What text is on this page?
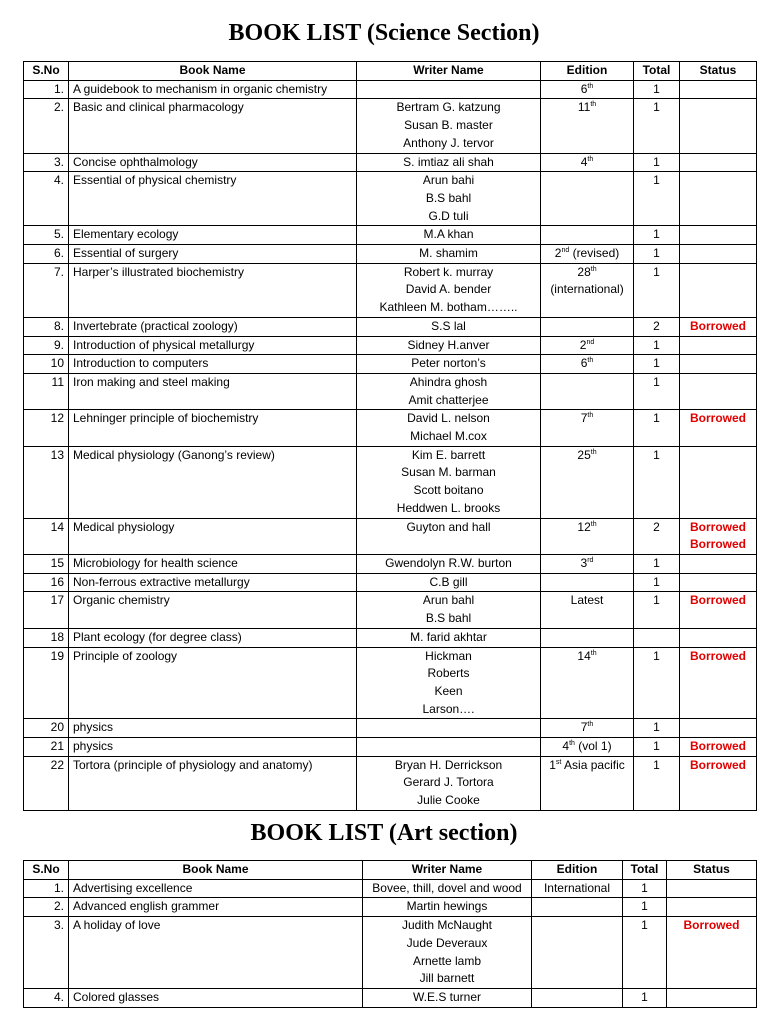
BOOK LIST (Science Section)
S.No	Book Name	Writer Name	Edition	Total	Status
1.	A guidebook to mechanism in organic chemistry		6th	1	

2.	Basic and clinical pharmacology	Bertram G. katzung
Susan B. master
Anthony J. tervor	11th	1	

3.	Concise ophthalmology	S. imtiaz ali shah	4th	1	

4.	Essential of physical chemistry	Arun bahi
B.S bahl
G.D tuli		1	

5.	Elementary ecology	M.A khan		1	

6.	Essential of surgery	M. shamim	2nd (revised)	1	

7.	Harper’s illustrated biochemistry	Robert k. murray
David A. bender
Kathleen M. botham……..	28th
(international)	1	

8.	Invertebrate (practical zoology)	S.S lal		2	Borrowed

9.	Introduction of physical metallurgy	Sidney H.anver	2nd	1	

10	Introduction to computers	Peter norton’s	6th	1	

11	Iron making and steel making	Ahindra ghosh
Amit chatterjee		1	

12	Lehninger principle of biochemistry	David L. nelson
Michael M.cox	7th	1	Borrowed

13	Medical physiology (Ganong’s review)	Kim E. barrett
Susan M. barman
Scott boitano
Heddwen L. brooks	25th	1	

14	Medical physiology	Guyton and hall	12th	2	Borrowed
Borrowed

15	Microbiology for health science	Gwendolyn R.W. burton	3rd	1	

16	Non-ferrous extractive metallurgy	C.B gill		1	

17	Organic chemistry	Arun bahl
B.S bahl	Latest	1	Borrowed

18	Plant ecology (for degree class)	M. farid akhtar			

19	Principle of zoology	Hickman
Roberts
Keen
Larson….	14th	1	Borrowed

20	physics		7th	1	

21	physics		4th (vol 1)	1	Borrowed

22	Tortora (principle of physiology and anatomy)	Bryan H. Derrickson
Gerard J. Tortora
Julie Cooke	1st Asia pacific	1	Borrowed
BOOK LIST (Art section)
S.No	Book Name	Writer Name	Edition	Total	Status
1.	Advertising excellence	Bovee, thill, dovel and wood	International	1	

2.	Advanced english grammer	Martin hewings		1	

3.	A holiday of love	Judith McNaught
Jude Deveraux
Arnette lamb
Jill barnett		1	Borrowed

4.	Colored glasses	W.E.S turner		1	
